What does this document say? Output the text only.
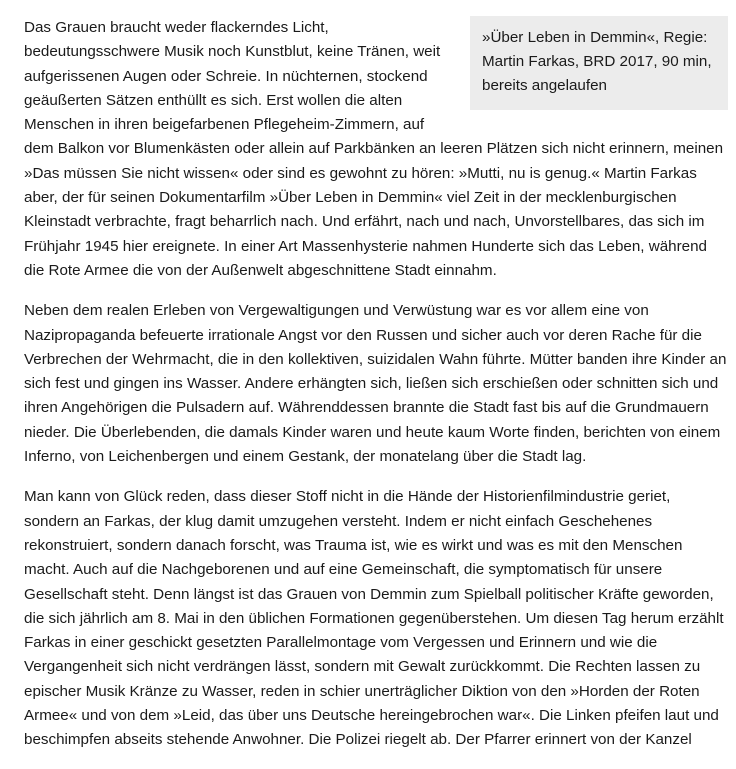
»Über Leben in Demmin«, Regie: Martin Farkas, BRD 2017, 90 min, bereits angelaufen

Das Grauen braucht weder flackerndes Licht, bedeutungsschwere Musik noch Kunstblut, keine Tränen, weit aufgerissenen Augen oder Schreie. In nüchternen, stockend geäußerten Sätzen enthüllt es sich. Erst wollen die alten Menschen in ihren beigefarbenen Pflegeheim-Zimmern, auf dem Balkon vor Blumenkästen oder allein auf Parkbänken an leeren Plätzen sich nicht erinnern, meinen »Das müssen Sie nicht wissen« oder sind es gewohnt zu hören: »Mutti, nu is genug.« Martin Farkas aber, der für seinen Dokumentarfilm »Über Leben in Demmin« viel Zeit in der mecklenburgischen Kleinstadt verbrachte, fragt beharrlich nach. Und erfährt, nach und nach, Unvorstellbares, das sich im Frühjahr 1945 hier ereignete. In einer Art Massenhysterie nahmen Hunderte sich das Leben, während die Rote Armee die von der Außenwelt abgeschnittene Stadt einnahm.

Neben dem realen Erleben von Vergewaltigungen und Verwüstung war es vor allem eine von Nazipropaganda befeuerte irrationale Angst vor den Russen und sicher auch vor deren Rache für die Verbrechen der Wehrmacht, die in den kollektiven, suizidalen Wahn führte. Mütter banden ihre Kinder an sich fest und gingen ins Wasser. Andere erhängten sich, ließen sich erschießen oder schnitten sich und ihren Angehörigen die Pulsadern auf. Währenddessen brannte die Stadt fast bis auf die Grundmauern nieder. Die Überlebenden, die damals Kinder waren und heute kaum Worte finden, berichten von einem Inferno, von Leichenbergen und einem Gestank, der monatelang über die Stadt lag.

Man kann von Glück reden, dass dieser Stoff nicht in die Hände der Historienfilmindustrie geriet, sondern an Farkas, der klug damit umzugehen versteht. Indem er nicht einfach Geschehenes rekonstruiert, sondern danach forscht, was Trauma ist, wie es wirkt und was es mit den Menschen macht. Auch auf die Nachgeborenen und auf eine Gemeinschaft, die symptomatisch für unsere Gesellschaft steht. Denn längst ist das Grauen von Demmin zum Spielball politischer Kräfte geworden, die sich jährlich am 8. Mai in den üblichen Formationen gegenüberstehen. Um diesen Tag herum erzählt Farkas in einer geschickt gesetzten Parallelmontage vom Vergessen und Erinnern und wie die Vergangenheit sich nicht verdrängen lässt, sondern mit Gewalt zurückkommt. Die Rechten lassen zu epischer Musik Kränze zu Wasser, reden in schier unerträglicher Diktion von den »Horden der Roten Armee« und von dem »Leid, das über uns Deutsche hereingebrochen war«. Die Linken pfeifen laut und beschimpfen abseits stehende Anwohner. Die Polizei riegelt ab. Der Pfarrer erinnert von der Kanzel
